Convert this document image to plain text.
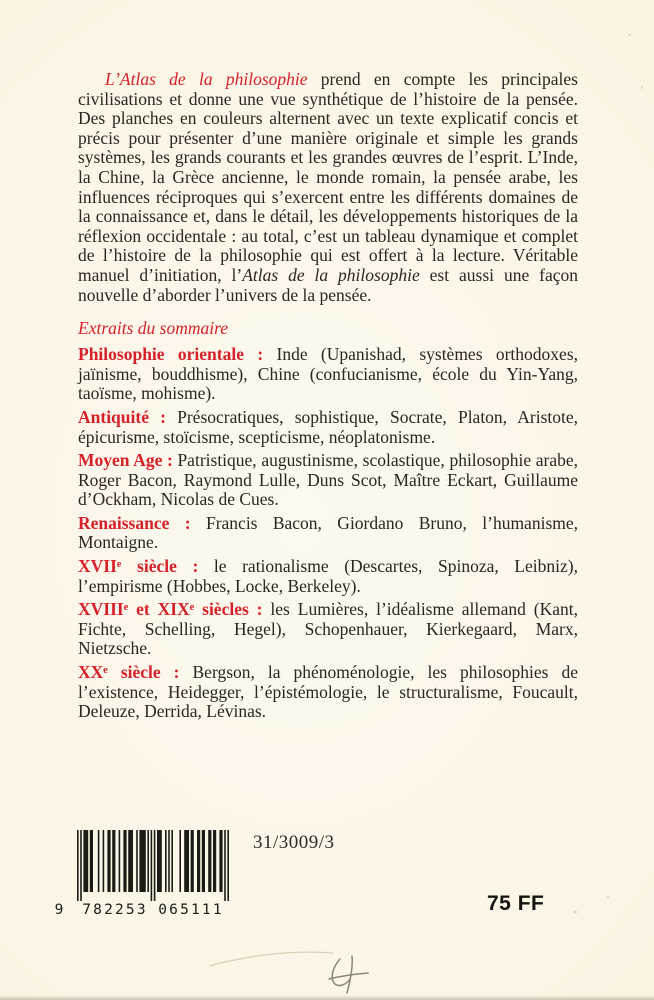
L’Atlas de la philosophie prend en compte les principales civilisations et donne une vue synthétique de l’histoire de la pensée. Des planches en couleurs alternent avec un texte explicatif concis et précis pour présenter d’une manière originale et simple les grands systèmes, les grands courants et les grandes œuvres de l’esprit. L’Inde, la Chine, la Grèce ancienne, le monde romain, la pensée arabe, les influences réciproques qui s’exercent entre les différents domaines de la connaissance et, dans le détail, les développements historiques de la réflexion occidentale : au total, c’est un tableau dynamique et complet de l’histoire de la philosophie qui est offert à la lecture. Véritable manuel d’initiation, l’Atlas de la philosophie est aussi une façon nouvelle d’aborder l’univers de la pensée.

Extraits du sommaire

Philosophie orientale : Inde (Upanishad, systèmes orthodoxes, jaïnisme, bouddhisme), Chine (confucianisme, école du Yin-Yang, taoïsme, mohisme).

Antiquité : Présocratiques, sophistique, Socrate, Platon, Aristote, épicurisme, stoïcisme, scepticisme, néoplatonisme.

Moyen Age : Patristique, augustinisme, scolastique, philosophie arabe, Roger Bacon, Raymond Lulle, Duns Scot, Maître Eckart, Guillaume d’Ockham, Nicolas de Cues.

Renaissance : Francis Bacon, Giordano Bruno, l’humanisme, Montaigne.

XVIIᵉ siècle : le rationalisme (Descartes, Spinoza, Leibniz), l’empirisme (Hobbes, Locke, Berkeley).

XVIIIᵉ et XIXᵉ siècles : les Lumières, l’idéalisme allemand (Kant, Fichte, Schelling, Hegel), Schopenhauer, Kierkegaard, Marx, Nietzsche.

XXᵉ siècle : Bergson, la phénoménologie, les philosophies de l’existence, Heidegger, l’épistémologie, le structuralisme, Foucault, Deleuze, Derrida, Lévinas.

9 782253 065111
31/3009/3
75 FF
